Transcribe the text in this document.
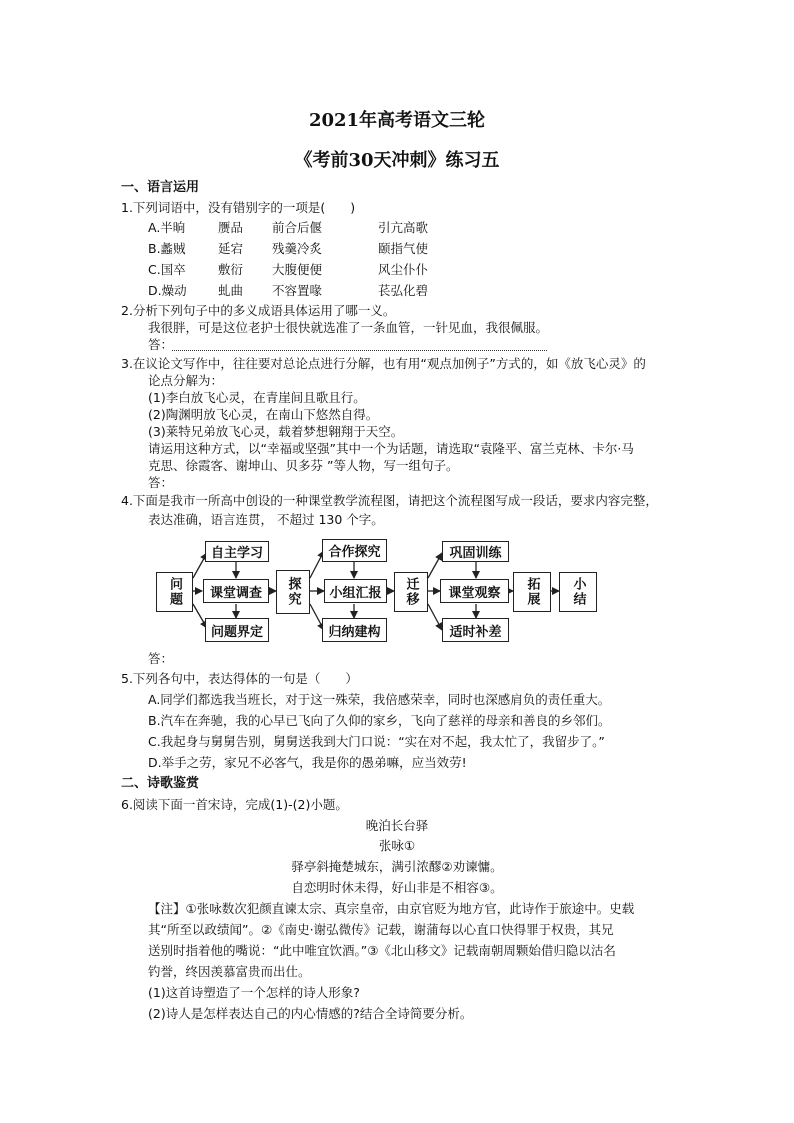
2021年高考语文三轮
《考前30天冲刺》练习五
一、语言运用
1.下列词语中，没有错别字的一项是(　　)
A.半晌	赝品 前合后偃	引亢高歌
B.蠡贼	延宕 残羹冷炙	颐指气使
C.国卒	敷衍 大腹便便	风尘仆仆
D.燥动	虬曲 不容置喙	苌弘化碧
2.分析下列句子中的多义成语具体运用了哪一义。
我很胖，可是这位老护士很快就选准了一条血管，一针见血，我很佩服。
答：
3.在议论文写作中，往往要对总论点进行分解，也有用“观点加例子”方式的，如《放飞心灵》的
论点分解为：
(1)李白放飞心灵，在青崖间且歌且行。
(2)陶渊明放飞心灵，在南山下悠然自得。
(3)莱特兄弟放飞心灵，载着梦想翱翔于天空。
请运用这种方式，以“幸福或坚强”其中一个为话题，请选取“袁隆平、富兰克林、卡尔·马
克思、徐霞客、谢坤山、贝多芬 ”等人物，写一组句子。
答：
4.下面是我市一所高中创设的一种课堂教学流程图，请把这个流程图写成一段话，要求内容完整，
表达准确，语言连贯， 不超过 130 个字。
问题
自主学习
课堂调查
问题界定
探究
合作探究
小组汇报
归纳建构
迁移
巩固训练
课堂观察
适时补差
拓展	小结
答：
5.下列各句中，表达得体的一句是（　　）
A.同学们都选我当班长，对于这一殊荣，我倍感荣幸，同时也深感肩负的责任重大。
B.汽车在奔驰，我的心早已飞向了久仰的家乡，飞向了慈祥的母亲和善良的乡邻们。
C.我起身与舅舅告别，舅舅送我到大门口说：“实在对不起，我太忙了，我留步了。”
D.举手之劳，家兄不必客气，我是你的愚弟嘛，应当效劳!
二、诗歌鉴赏
6.阅读下面一首宋诗，完成(1)-(2)小题。
晚泊长台驿
张咏①
驿亭斜掩楚城东，满引浓醪②劝谏慵。
自恋明时休未得，好山非是不相容③。
【注】①张咏数次犯颜直谏太宗、真宗皇帝，由京官贬为地方官，此诗作于旅途中。史载
其“所至以政绩闻”。②《南史·谢弘微传》记载，谢蒲每以心直口快得罪于权贵，其兄
送别时指着他的嘴说：“此中唯宜饮酒。”③《北山移文》记载南朝周颗始借归隐以沽名
钓誉，终因羡慕富贵而出仕。
(1)这首诗塑造了一个怎样的诗人形象?
(2)诗人是怎样表达自己的内心情感的?结合全诗简要分析。
